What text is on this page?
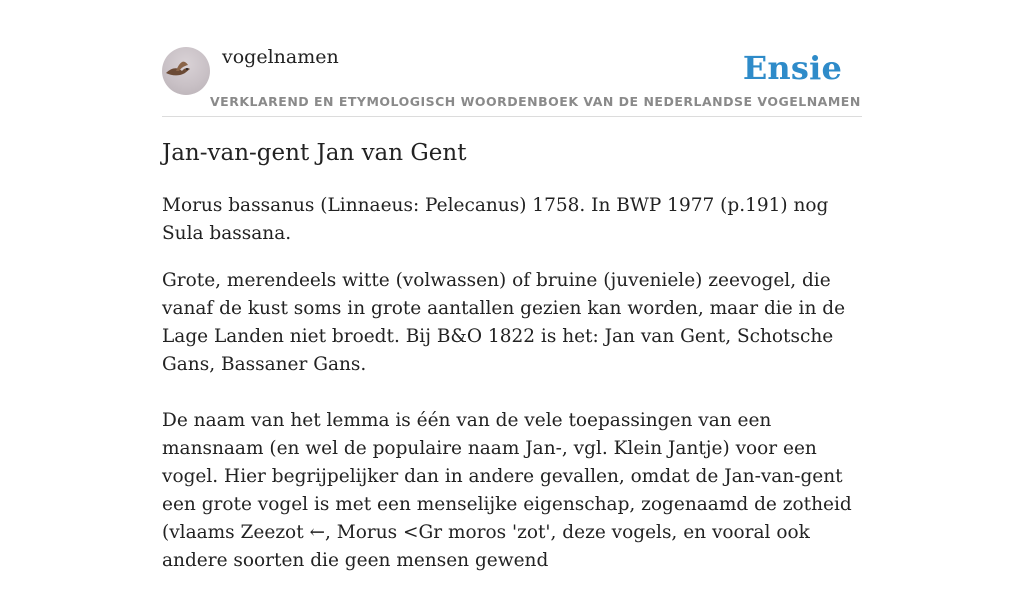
vogelnamen	Ensie
VERKLAREND EN ETYMOLOGISCH WOORDENBOEK VAN DE NEDERLANDSE VOGELNAMEN
Jan-van-gent Jan van Gent

Morus bassanus (Linnaeus: Pelecanus) 1758. In BWP 1977 (p.191) nog Sula bassana.

Grote, merendeels witte (volwassen) of bruine (juveniele) zeevogel, die vanaf de kust soms in grote aantallen gezien kan worden, maar die in de Lage Landen niet broedt. Bij B&O 1822 is het: Jan van Gent, Schotsche Gans, Bassaner Gans.

De naam van het lemma is één van de vele toepassingen van een mansnaam (en wel de populaire naam Jan-, vgl. Klein Jantje) voor een vogel. Hier begrijpelijker dan in andere gevallen, omdat de Jan-van-gent een grote vogel is met een menselijke eigenschap, zogenaamd de zotheid (vlaams Zeezot ←, Morus <Gr moros 'zot', deze vogels, en vooral ook andere soorten die geen mensen gewend
